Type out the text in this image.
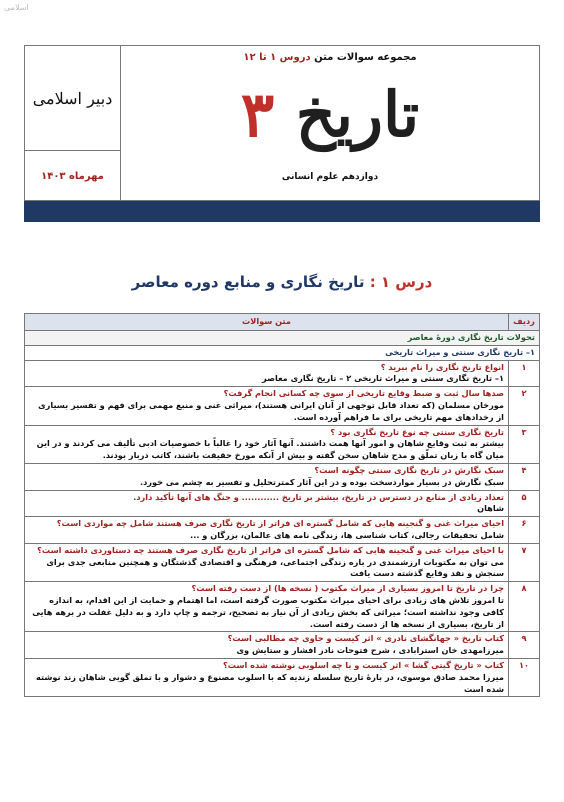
اسلامی
دبیر اسلامی
مهرماه ۱۴۰۳
مجموعه سوالات متن دروس ۱ تا ۱۲
تاریخ ۳
دوازدهم علوم انسانی
درس ۱ : تاریخ نگاری و منابع دوره معاصر
ردیف	متن سوالات
تحولات تاریخ نگاری دورهٔ معاصر	
۱– تاریخ نگاری سنتی و میراث تاریخی	
۱	انواع تاریخ نگاری را نام ببرید ؟
۱– تاریخ نگاری سنتی و میراث تاریخی ۲ – تاریخ نگاری معاصر

۲	صدها سال ثبت و ضبط وقایع تاریخی از سوی چه کسانی انجام گرفت؟
مورخان مسلمان (که تعداد قابل توجهی از آنان ایرانی هستند)، میراثی غنی و منبع مهمی برای فهم و تفسیر بسیاری از رخدادهای مهم تاریخی برای ما فراهم آورده است.

۳	تاریخ نگاری سنتی چه نوع تاریخ نگاری بود ؟
بیشتر به ثبت وقایع شاهان و امور آنها همت داشتند. آنها آثار خود را غالباً با خصوصیات ادبی تألیف می کردند و در این میان گاه با زبان تملّق و مدح شاهان سخن گفته و بیش از آنکه مورخ حقیقت باشند، کاتب دربار بودند.

۴	سبک نگارش در تاریخ نگاری سنتی چگونه است؟
سبک نگارش در بسیار مواردسخت بوده و در این آثار کمترتحلیل و تفسیر به چشم می خورد.

۵	تعداد زیادی از منابع در دسترس در تاریخ، بیشتر بر تاریخ ............ و جنگ های آنها تأکید دارد.
شاهان

۶	احیای میراث غنی و گنجینه هایی که شامل گستره ای فراتر از تاریخ نگاری صرف هستند شامل چه مواردی است؟
شامل تحقیقات رجالی، کتاب شناسی ها، زندگی نامه های عالمان، بزرگان و ...

۷	با احیای میراث غنی و گنجینه هایی که شامل گستره ای فراتر از تاریخ نگاری صرف هستند چه دستاوردی داشته است؟
می توان به مکتوبات ارزشمندی در باره زندگی اجتماعی، فرهنگی و اقتصادی گذشتگان و همچنین منابعی جدی برای سنجش و نقد وقایع گذشته دست یافت

۸	چرا در تاریخ تا امروز بسیاری از میراث مکتوب ( نسخه ها) از دست رفته است؟
تا امروز تلاش های زیادی برای احیای میراث مکتوب صورت گرفته است، اما اهتمام و حمایت از این اقدام، به اندازه کافی وجود نداشته است؛ میراثی که بخش زیادی از آن نیاز به تصحیح، ترجمه و چاپ دارد و به دلیل غفلت در برهه هایی از تاریخ، بسیاری از نسخه ها از دست رفته است.

۹	کتاب تاریخ « جهانگشای نادری » اثر کیست و حاوی چه مطالبی است؟
میرزامهدی خان استرابادی ، شرح فتوحات نادر افشار و ستایش وی

۱۰	کتاب « تاریخ گیتی گشا » اثر کیست و با چه اسلوبی نوشته شده است؟
میرزا محمد صادق موسوی، در بارهٔ تاریخ سلسله زندیه که با اسلوب مصنوع و دشوار و با تملق گویی شاهان زند نوشته شده است
